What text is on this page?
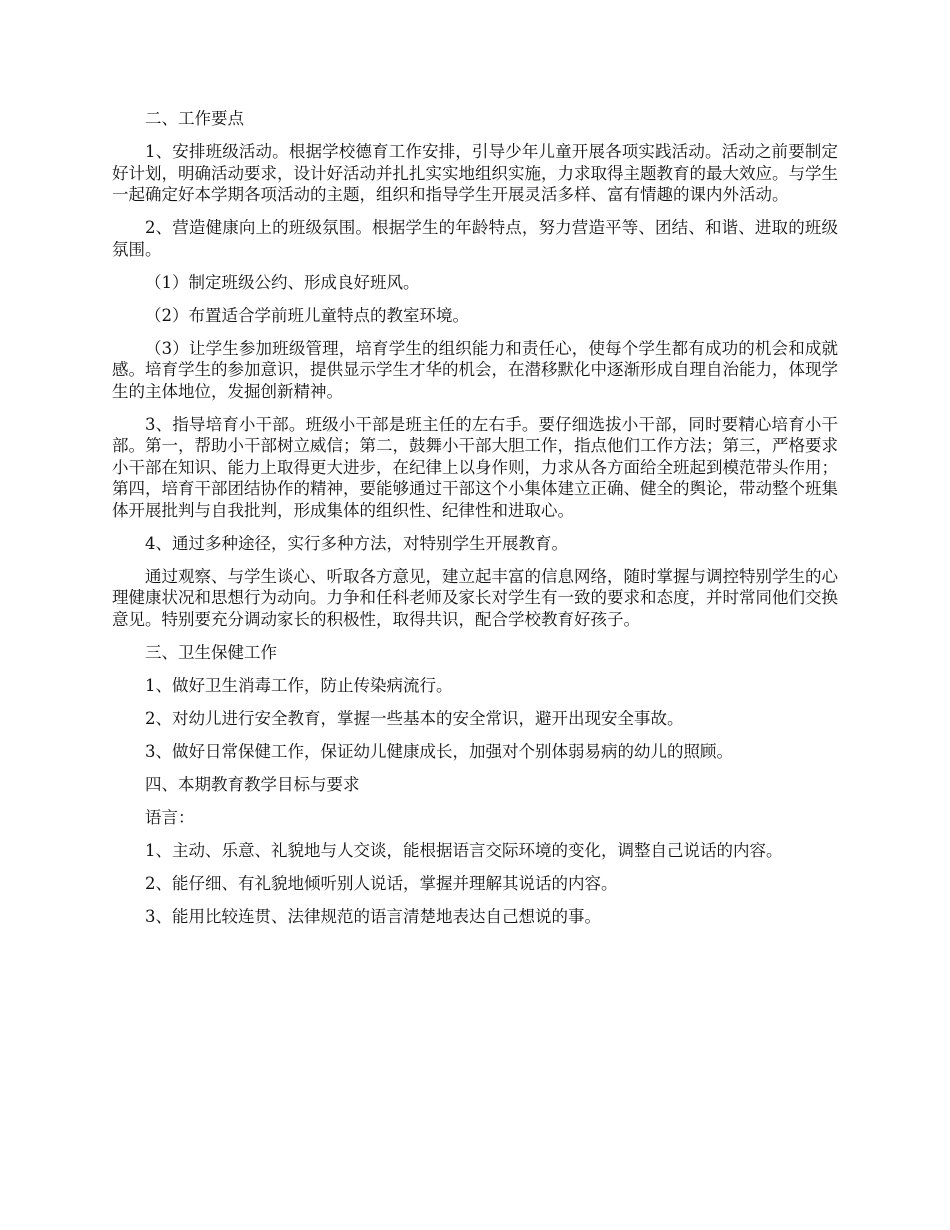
二、工作要点

1、安排班级活动。根据学校德育工作安排，引导少年儿童开展各项实践活动。活动之前要制定好计划，明确活动要求，设计好活动并扎扎实实地组织实施，力求取得主题教育的最大效应。与学生一起确定好本学期各项活动的主题，组织和指导学生开展灵活多样、富有情趣的课内外活动。

2、营造健康向上的班级氛围。根据学生的年龄特点，努力营造平等、团结、和谐、进取的班级氛围。

（1）制定班级公约、形成良好班风。

（2）布置适合学前班儿童特点的教室环境。

（3）让学生参加班级管理，培育学生的组织能力和责任心，使每个学生都有成功的机会和成就感。培育学生的参加意识，提供显示学生才华的机会，在潜移默化中逐渐形成自理自治能力，体现学生的主体地位，发掘创新精神。

3、指导培育小干部。班级小干部是班主任的左右手。要仔细选拔小干部，同时要精心培育小干部。第一，帮助小干部树立威信；第二，鼓舞小干部大胆工作，指点他们工作方法；第三，严格要求小干部在知识、能力上取得更大进步，在纪律上以身作则，力求从各方面给全班起到模范带头作用；第四，培育干部团结协作的精神，要能够通过干部这个小集体建立正确、健全的舆论，带动整个班集体开展批判与自我批判，形成集体的组织性、纪律性和进取心。

4、通过多种途径，实行多种方法，对特别学生开展教育。

通过观察、与学生谈心、听取各方意见，建立起丰富的信息网络，随时掌握与调控特别学生的心理健康状况和思想行为动向。力争和任科老师及家长对学生有一致的要求和态度，并时常同他们交换意见。特别要充分调动家长的积极性，取得共识，配合学校教育好孩子。

三、卫生保健工作

1、做好卫生消毒工作，防止传染病流行。

2、对幼儿进行安全教育，掌握一些基本的安全常识，避开出现安全事故。

3、做好日常保健工作，保证幼儿健康成长，加强对个别体弱易病的幼儿的照顾。

四、本期教育教学目标与要求

语言：

1、主动、乐意、礼貌地与人交谈，能根据语言交际环境的变化，调整自己说话的内容。

2、能仔细、有礼貌地倾听别人说话，掌握并理解其说话的内容。

3、能用比较连贯、法律规范的语言清楚地表达自己想说的事。
